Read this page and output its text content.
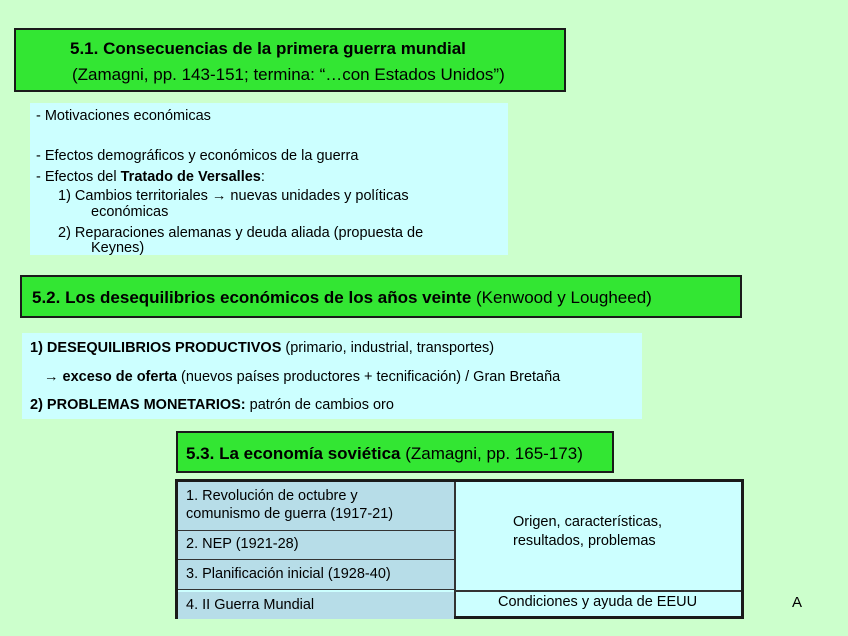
5.1. Consecuencias de la primera guerra mundial
(Zamagni, pp. 143-151; termina: “…con Estados Unidos”)
- Motivaciones económicas
- Efectos demográficos y económicos de la guerra
- Efectos del Tratado de Versalles:
1) Cambios territoriales → nuevas unidades y políticas
económicas
2) Reparaciones alemanas y deuda aliada (propuesta de
Keynes)
5.2. Los desequilibrios económicos de los años veinte (Kenwood y Lougheed)
1) DESEQUILIBRIOS PRODUCTIVOS (primario, industrial, transportes)
→ exceso de oferta (nuevos países productores + tecnificación) / Gran Bretaña
2) PROBLEMAS MONETARIOS: patrón de cambios oro
5.3. La economía soviética (Zamagni, pp. 165-173)
1. Revolución de octubre y
comunismo de guerra (1917-21)
2. NEP (1921-28)
3. Planificación inicial (1928-40)
4. II Guerra Mundial
Origen, características,
resultados, problemas
Condiciones y ayuda de EEUU	A
